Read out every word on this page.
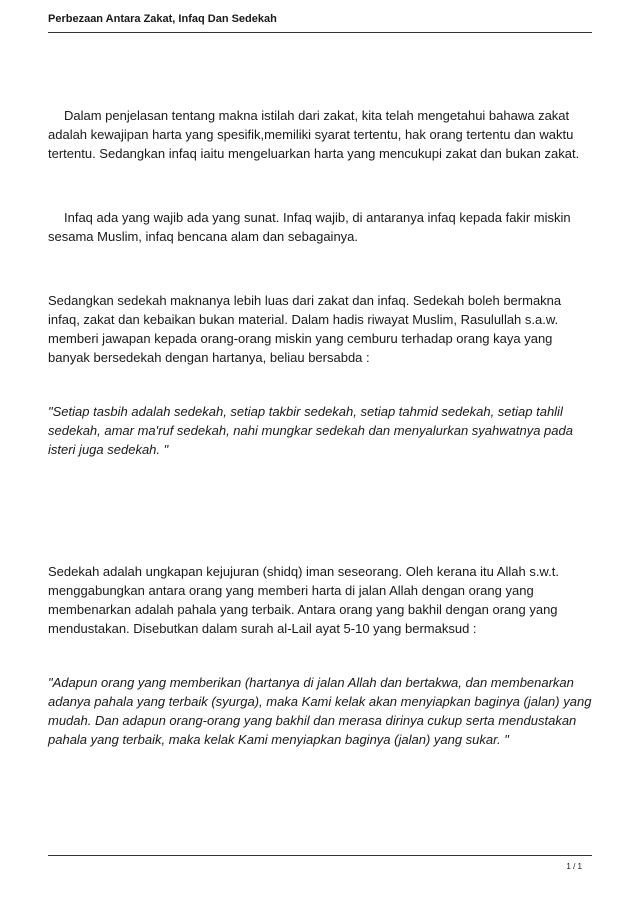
Perbezaan Antara Zakat, Infaq Dan Sedekah

Dalam penjelasan tentang makna istilah dari zakat, kita telah mengetahui bahawa zakat adalah kewajipan harta yang spesifik,memiliki syarat tertentu, hak orang tertentu dan waktu tertentu. Sedangkan infaq iaitu mengeluarkan harta yang mencukupi zakat dan bukan zakat.

Infaq ada yang wajib ada yang sunat. Infaq wajib, di antaranya infaq kepada fakir miskin sesama Muslim, infaq bencana alam dan sebagainya.

Sedangkan sedekah maknanya lebih luas dari zakat dan infaq. Sedekah boleh bermakna infaq, zakat dan kebaikan bukan material. Dalam hadis riwayat Muslim, Rasulullah s.a.w. memberi jawapan kepada orang-orang miskin yang cemburu terhadap orang kaya yang banyak bersedekah dengan hartanya, beliau bersabda :

"Setiap tasbih adalah sedekah, setiap takbir sedekah, setiap tahmid sedekah, setiap tahlil sedekah, amar ma'ruf sedekah, nahi mungkar sedekah dan menyalurkan syahwatnya pada isteri juga sedekah. "

Sedekah adalah ungkapan kejujuran (shidq) iman seseorang. Oleh kerana itu Allah s.w.t. menggabungkan antara orang yang memberi harta di jalan Allah dengan orang yang membenarkan adalah pahala yang terbaik. Antara orang yang bakhil dengan orang yang mendustakan. Disebutkan dalam surah al-Lail ayat 5-10 yang bermaksud :

"Adapun orang yang memberikan (hartanya di jalan Allah dan bertakwa, dan membenarkan adanya pahala yang terbaik (syurga), maka Kami kelak akan menyiapkan baginya (jalan) yang mudah. Dan adapun orang-orang yang bakhil dan merasa dirinya cukup serta mendustakan pahala yang terbaik, maka kelak Kami menyiapkan baginya (jalan) yang sukar. "

1 / 1
